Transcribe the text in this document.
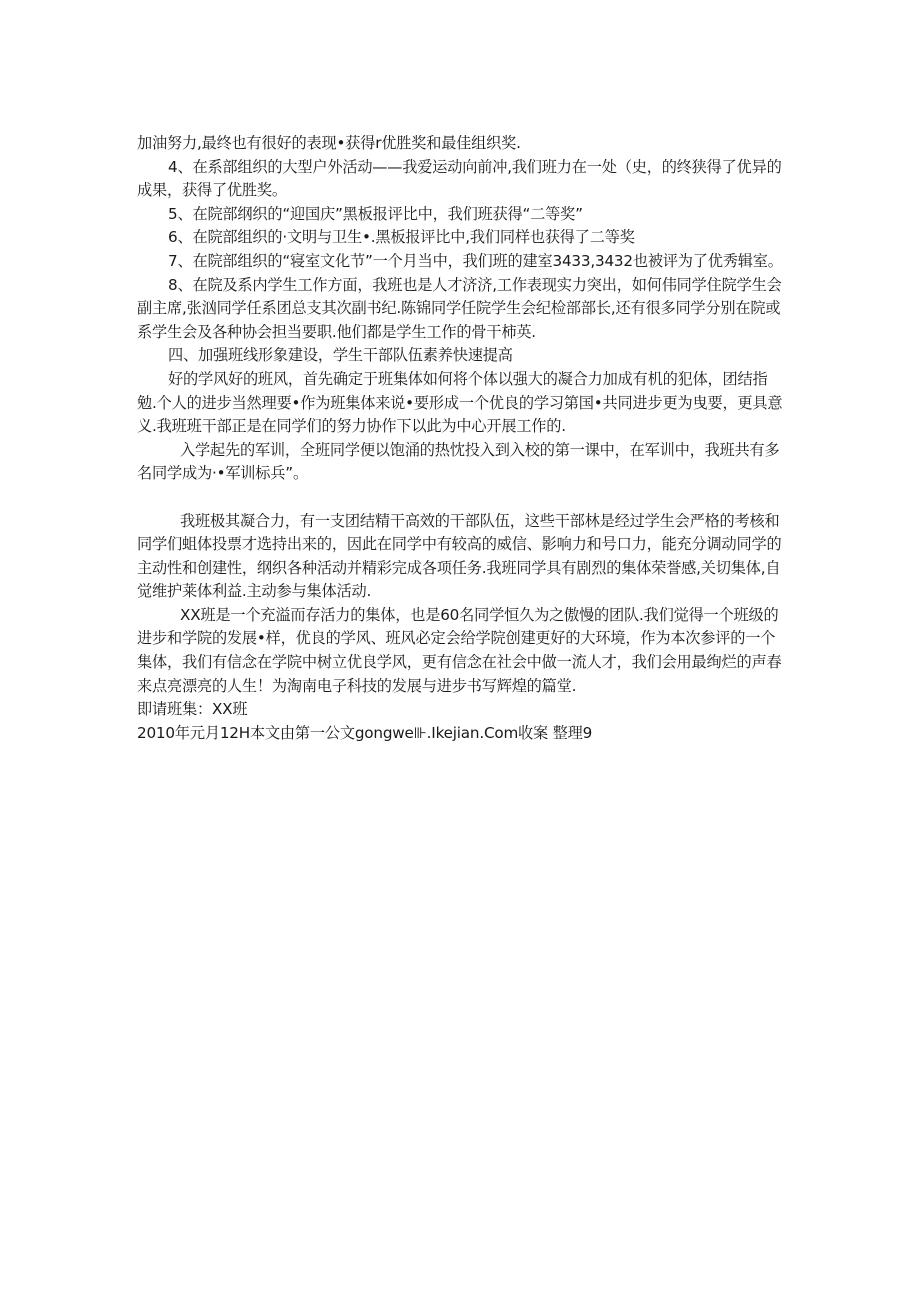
加油努力,最终也有很好的表现•获得r优胜奖和最佳组织奖.

4、在系部组织的大型户外活动——我爱运动向前冲,我们班力在一处（史，的终狭得了优异的成果，获得了优胜奖。

5、在院部纲织的“迎国庆”黑板报评比中，我们班获得“二等奖”

6、在院部组织的·文明与卫生•.黑板报评比中,我们同样也获得了二等奖

7、在院部组织的“寝室文化节”一个月当中，我们班的建室3433,3432也被评为了优秀辑室。

8、在院及系内学生工作方面，我班也是人才济济,工作表现实力突出，如何伟同学住院学生会副主席,张汹同学任系团总支其次副书纪.陈锦同学任院学生会纪检部部长,还有很多同学分别在院或系学生会及各种协会担当要职.他们都是学生工作的骨干柿英.

四、加强班线形象建设，学生干部队伍素养快速提高

好的学风好的班风，首先确定于班集体如何将个体以强大的凝合力加成有机的犯体，团结指勉.个人的进步当然理要•作为班集体来说•要形成一个优良的学习第国•共同进步更为曳要，更具意义.我班班干部正是在同学们的努力协作下以此为中心开展工作的.

入学起先的军训，全班同学便以饱涌的热忱投入到入校的第一课中，在军训中，我班共有多名同学成为·•军训标兵”。

我班极其凝合力，有一支团结精干高效的干部队伍，这些干部林是经过学生会严格的考核和同学们蛆体投票才选持出来的，因此在同学中有较高的威信、影响力和号口力，能充分调动同学的主动性和创建性，纲织各种活动并精彩完成各项任务.我班同学具有剧烈的集体荣誉感,关切集体,自觉维护莱体利益.主动参与集体活动.

XX班是一个充溢而存活力的集体，也是60名同学恒久为之傲慢的团队.我们觉得一个班级的进步和学院的发展•样，优良的学风、班风必定会给学院创建更好的大环境，作为本次参评的一个集体，我们有信念在学院中树立优良学风，更有信念在社会中做一流人才，我们会用最绚烂的声春来点亮漂亮的人生！为淘南电子科技的发展与进步书写辉煌的篇堂.

即请班集：XX班

2010年元月12H本文由第一公文gongwe⊪.Ikejian.Com收案 整理9
